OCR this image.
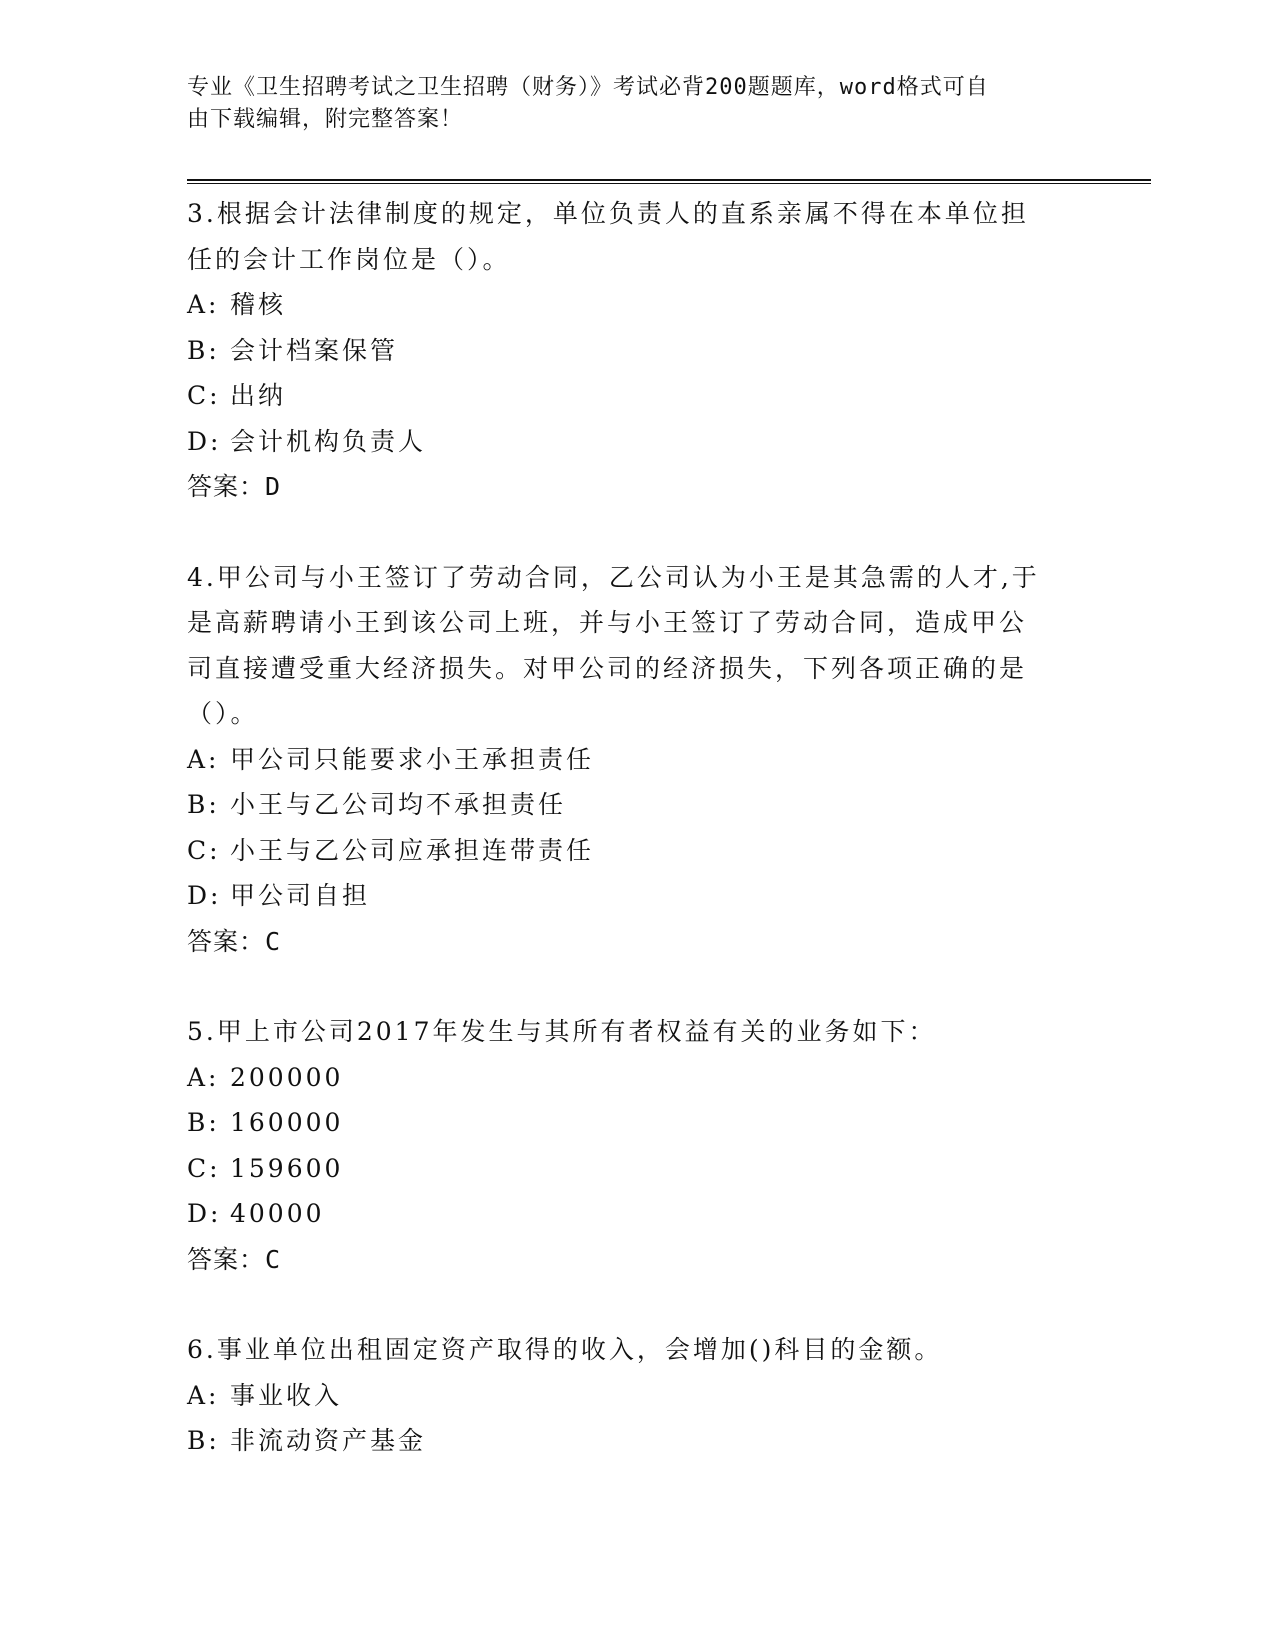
专业《卫生招聘考试之卫生招聘（财务）》考试必背200题题库，word格式可自
由下载编辑，附完整答案！

3.根据会计法律制度的规定，单位负责人的直系亲属不得在本单位担

任的会计工作岗位是（）。

A: 稽核

B: 会计档案保管

C: 出纳

D: 会计机构负责人

答案：D

4.甲公司与小王签订了劳动合同，乙公司认为小王是其急需的人才,于

是高薪聘请小王到该公司上班，并与小王签订了劳动合同，造成甲公

司直接遭受重大经济损失。对甲公司的经济损失，下列各项正确的是

（）。

A: 甲公司只能要求小王承担责任

B: 小王与乙公司均不承担责任

C: 小王与乙公司应承担连带责任

D: 甲公司自担

答案：C

5.甲上市公司2017年发生与其所有者权益有关的业务如下：

A: 200000

B: 160000

C: 159600

D: 40000

答案：C

6.事业单位出租固定资产取得的收入，会增加()科目的金额。

A: 事业收入

B: 非流动资产基金
